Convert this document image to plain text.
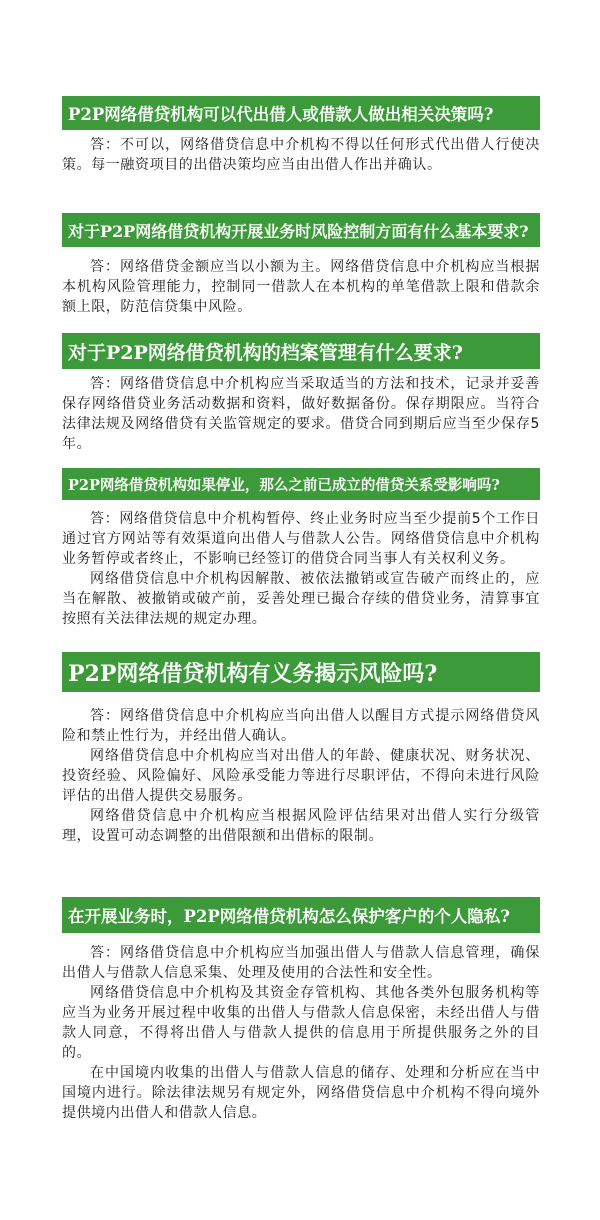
P2P网络借贷机构可以代出借人或借款人做出相关决策吗?

答：不可以，网络借贷信息中介机构不得以任何形式代出借人行使决策。每一融资项目的出借决策均应当由出借人作出并确认。

对于P2P网络借贷机构开展业务时风险控制方面有什么基本要求?

答：网络借贷金额应当以小额为主。网络借贷信息中介机构应当根据本机构风险管理能力，控制同一借款人在本机构的单笔借款上限和借款余额上限，防范信贷集中风险。

对于P2P网络借贷机构的档案管理有什么要求?

答：网络借贷信息中介机构应当采取适当的方法和技术，记录并妥善保存网络借贷业务活动数据和资料，做好数据备份。保存期限应。当符合法律法规及网络借贷有关监管规定的要求。借贷合同到期后应当至少保存5年。

P2P网络借贷机构如果停业，那么之前已成立的借贷关系受影响吗?

答：网络借贷信息中介机构暂停、终止业务时应当至少提前5个工作日通过官方网站等有效渠道向出借人与借款人公告。网络借贷信息中介机构业务暂停或者终止，不影响已经签订的借贷合同当事人有关权利义务。

网络借贷信息中介机构因解散、被依法撤销或宣告破产而终止的，应当在解散、被撤销或破产前，妥善处理已撮合存续的借贷业务，清算事宜按照有关法律法规的规定办理。

P2P网络借贷机构有义务揭示风险吗?

答：网络借贷信息中介机构应当向出借人以醒目方式提示网络借贷风险和禁止性行为，并经出借人确认。

网络借贷信息中介机构应当对出借人的年龄、健康状况、财务状况、投资经验、风险偏好、风险承受能力等进行尽职评估，不得向未进行风险评估的出借人提供交易服务。

网络借贷信息中介机构应当根据风险评估结果对出借人实行分级管理，设置可动态调整的出借限额和出借标的限制。

在开展业务时，P2P网络借贷机构怎么保护客户的个人隐私?

答：网络借贷信息中介机构应当加强出借人与借款人信息管理，确保出借人与借款人信息采集、处理及使用的合法性和安全性。

网络借贷信息中介机构及其资金存管机构、其他各类外包服务机构等应当为业务开展过程中收集的出借人与借款人信息保密，未经出借人与借款人同意，不得将出借人与借款人提供的信息用于所提供服务之外的目的。

在中国境内收集的出借人与借款人信息的储存、处理和分析应在当中国境内进行。除法律法规另有规定外，网络借贷信息中介机构不得向境外提供境内出借人和借款人信息。
